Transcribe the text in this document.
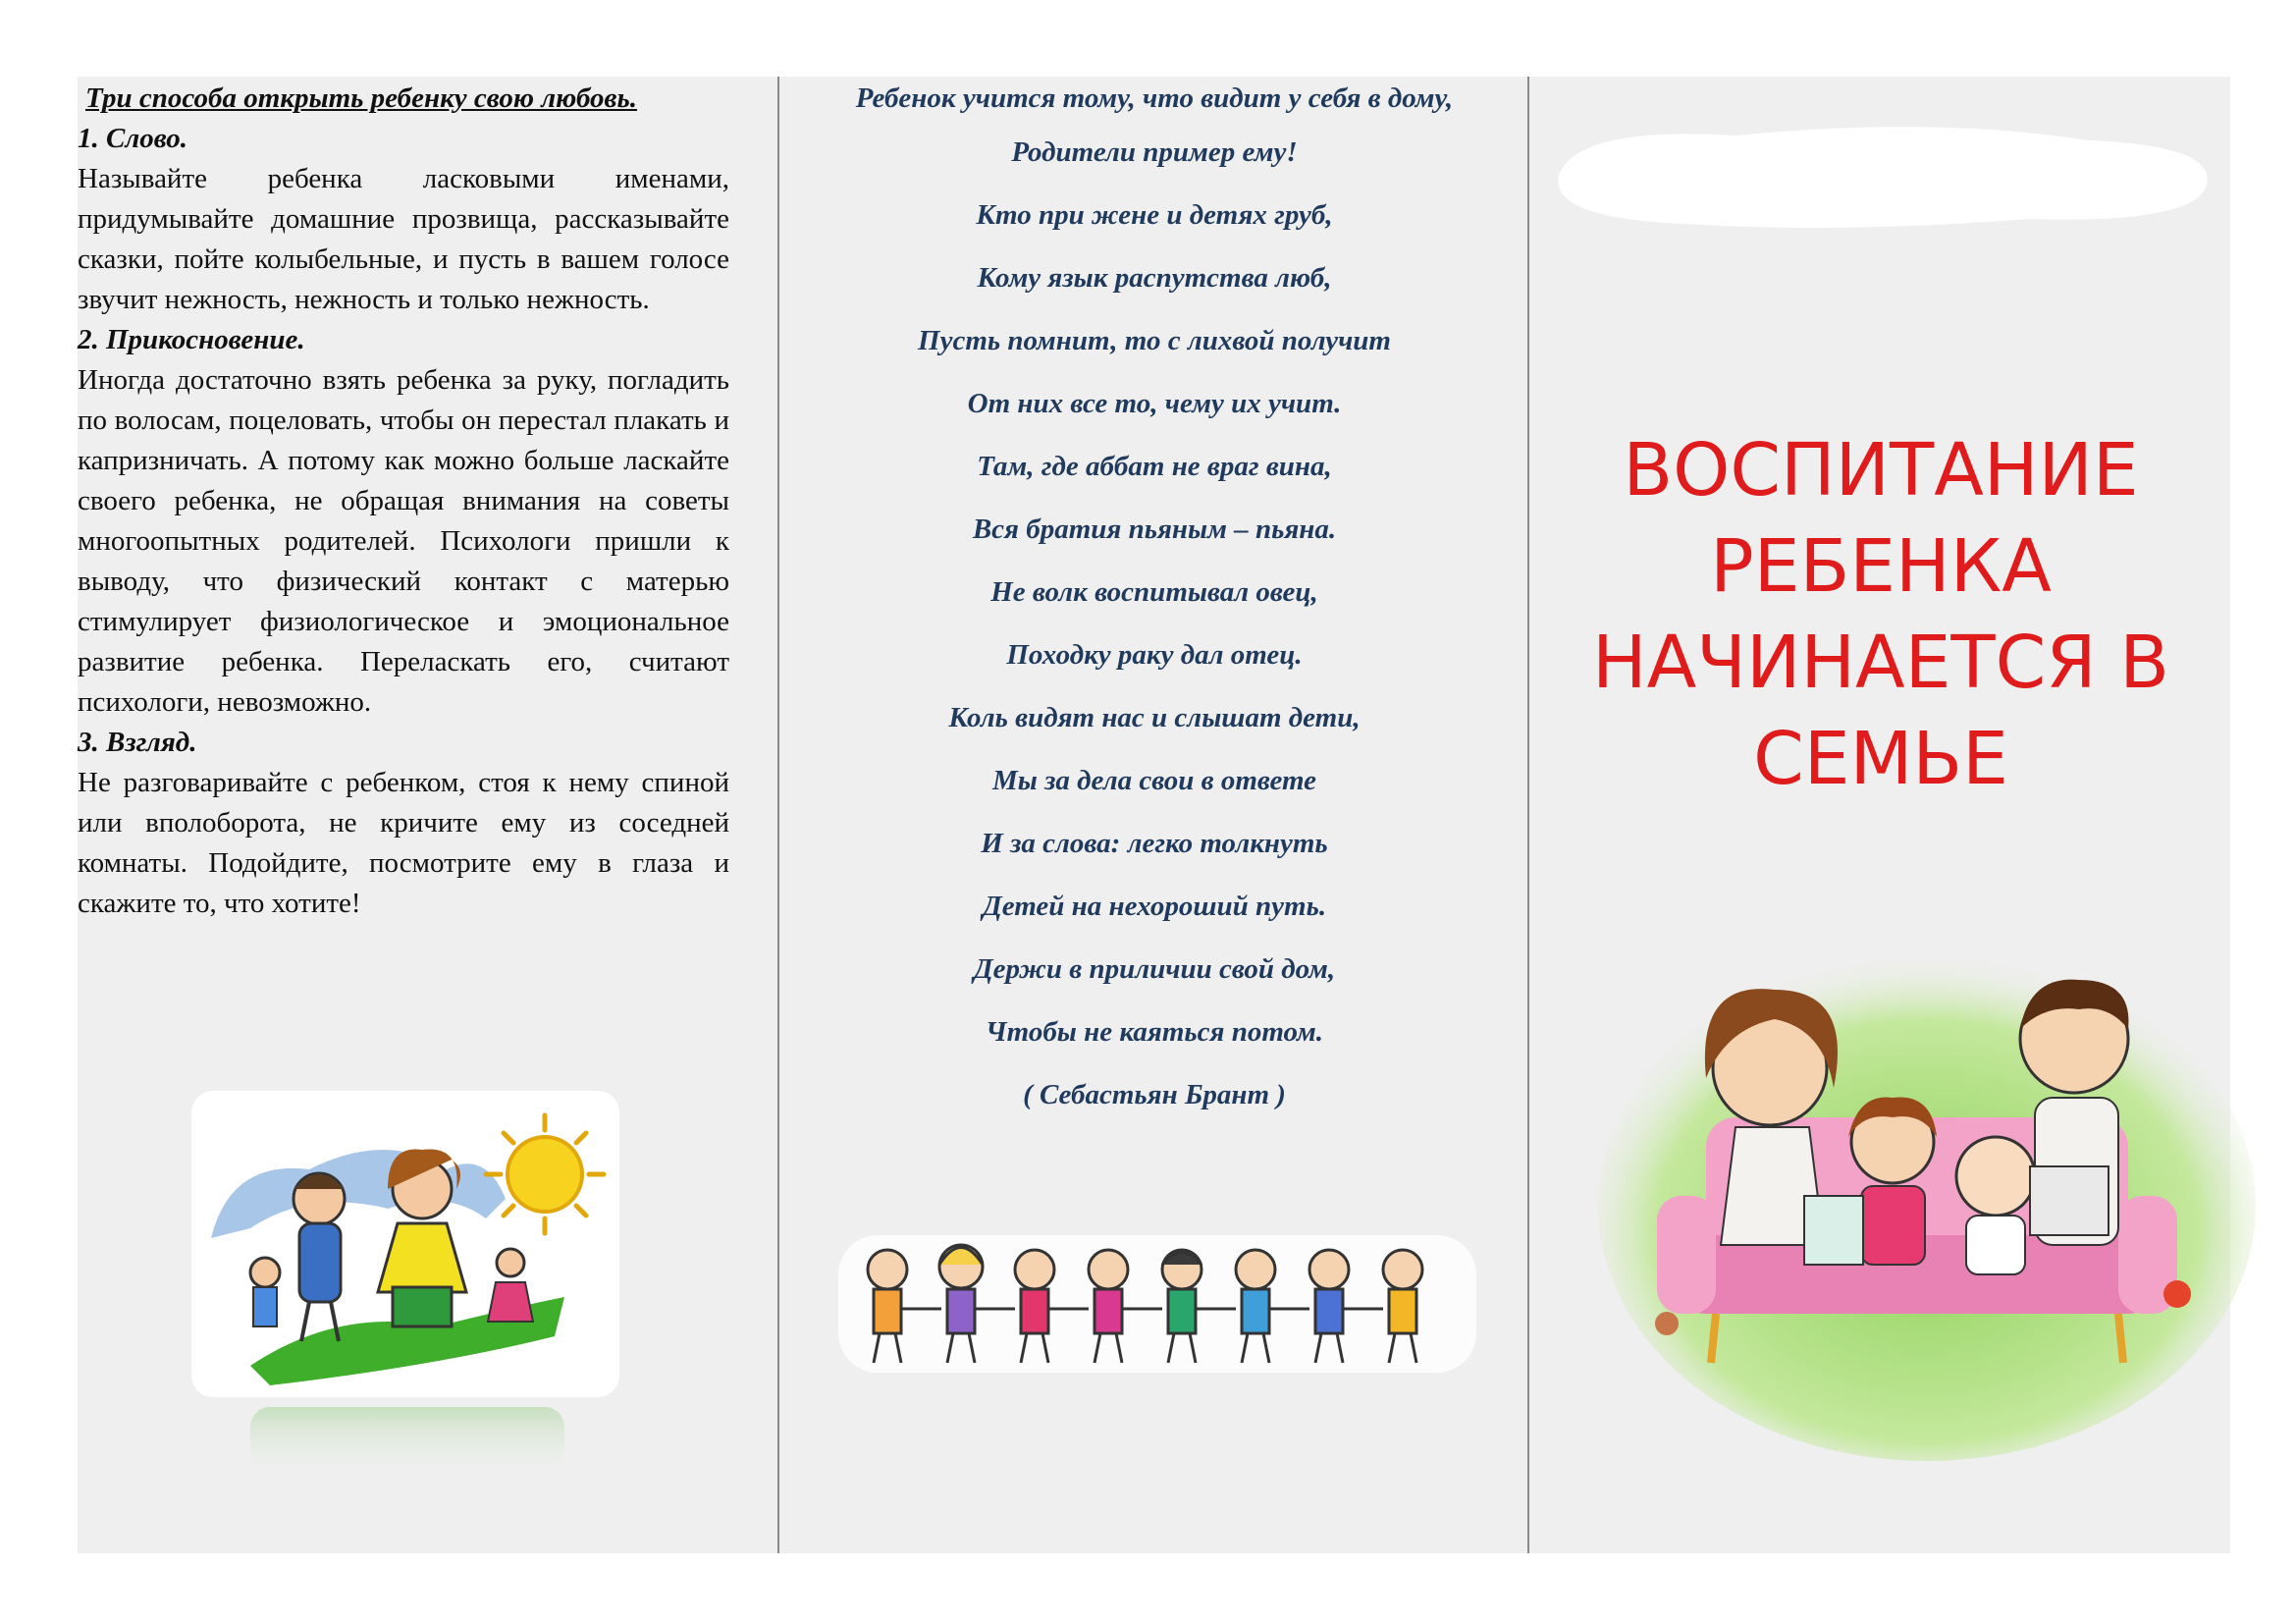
Три способа открыть ребенку свою любовь.
1. Слово.
Называйте ребенка ласковыми именами, придумывайте домашние прозвища, рассказывайте сказки, пойте колыбельные, и пусть в вашем голосе звучит нежность, нежность и только нежность.
2. Прикосновение.
Иногда достаточно взять ребенка за руку, погладить по волосам, поцеловать, чтобы он перестал плакать и капризничать. А потому как можно больше ласкайте своего ребенка, не обращая внимания на советы многоопытных родителей. Психологи пришли к выводу, что физический контакт с матерью стимулирует физиологическое и эмоциональное развитие ребенка. Переласкать его, считают психологи, невозможно.
3. Взгляд.
Не разговаривайте с ребенком, стоя к нему спиной или вполоборота, не кричите ему из соседней комнаты. Подойдите, посмотрите ему в глаза и скажите то, что хотите!
Ребенок учится тому, что видит у себя в дому,
Родители пример ему!
Кто при жене и детях груб,
Кому язык распутства люб,
Пусть помнит, то с лихвой получит
От них все то, чему их учит.
Там, где аббат не враг вина,
Вся братия пьяным – пьяна.
Не волк воспитывал овец,
Походку раку дал отец.
Коль видят нас и слышат дети,
Мы за дела свои в ответе
И за слова: легко толкнуть
Детей на нехороший путь.
Держи в приличии свой дом,
Чтобы не каяться потом.
( Себастьян Брант )
ВОСПИТАНИЕ
РЕБЕНКА
НАЧИНАЕТСЯ В
СЕМЬЕ
